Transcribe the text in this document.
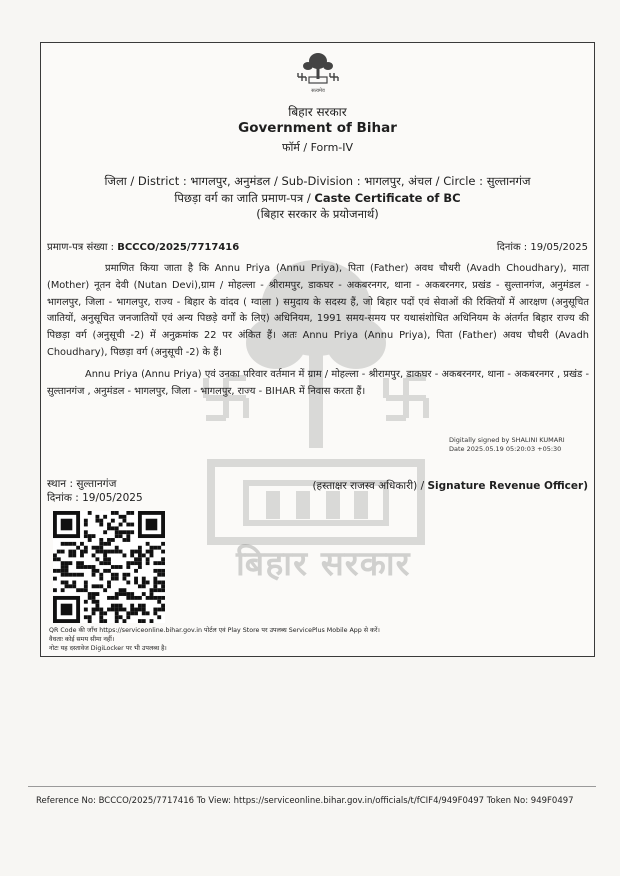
बिहार सरकार
सत्यमेव
बिहार सरकार
Government of Bihar
फॉर्म / Form-IV
जिला / District : भागलपुर, अनुमंडल / Sub-Division : भागलपुर, अंचल / Circle : सुल्तानगंज
पिछड़ा वर्ग का जाति प्रमाण-पत्र / Caste Certificate of BC
(बिहार सरकार के प्रयोजनार्थ)
प्रमाण-पत्र संख्या : BCCCO/2025/7717416	दिनांक : 19/05/2025
प्रमाणित किया जाता है कि Annu Priya (Annu Priya), पिता (Father) अवध चौधरी (Avadh Choudhary), माता (Mother) नूतन देवी (Nutan Devi),ग्राम / मोहल्ला - श्रीरामपुर, डाकघर - अकबरनगर, थाना - अकबरनगर, प्रखंड - सुल्तानगंज, अनुमंडल - भागलपुर, जिला - भागलपुर, राज्य - बिहार के वांदव ( ग्वाला ) समुदाय के सदस्य हैं, जो बिहार पदों एवं सेवाओं की रिक्तियों में आरक्षण (अनुसूचित जातियों, अनुसूचित जनजातियों एवं अन्य पिछड़े वर्गों के लिए) अधिनियम, 1991 समय-समय पर यथासंशोधित अधिनियम के अंतर्गत बिहार राज्य की पिछड़ा वर्ग (अनुसूची -2) में अनुक्रमांक 22 पर अंकित हैं। अतः Annu Priya (Annu Priya), पिता (Father) अवध चौधरी (Avadh Choudhary), पिछड़ा वर्ग (अनुसूची -2) के हैं।
Annu Priya (Annu Priya) एवं उनका परिवार वर्तमान में ग्राम / मोहल्ला - श्रीरामपुर, डाकघर - अकबरनगर, थाना - अकबरनगर , प्रखंड - सुल्तानगंज , अनुमंडल - भागलपुर, जिला - भागलपुर, राज्य - BIHAR में निवास करता हैं।
Digitally signed by SHALINI KUMARI
Date 2025.05.19 05:20:03 +05:30
स्थान : सुल्तानगंज
दिनांक : 19/05/2025
(हस्ताक्षर राजस्व अधिकारी) / Signature Revenue Officer)
QR Code की जाँच https://serviceonline.bihar.gov.in पोर्टल एवं Play Store पर उपलब्ध ServicePlus Mobile App से करें।
वैधताः कोई समय सीमा नहीं।
नोटः यह दस्तावेज DigiLocker पर भी उपलब्ध है।
Reference No: BCCCO/2025/7717416 To View: https://serviceonline.bihar.gov.in/officials/t/fCIF4/949F0497 Token No: 949F0497
